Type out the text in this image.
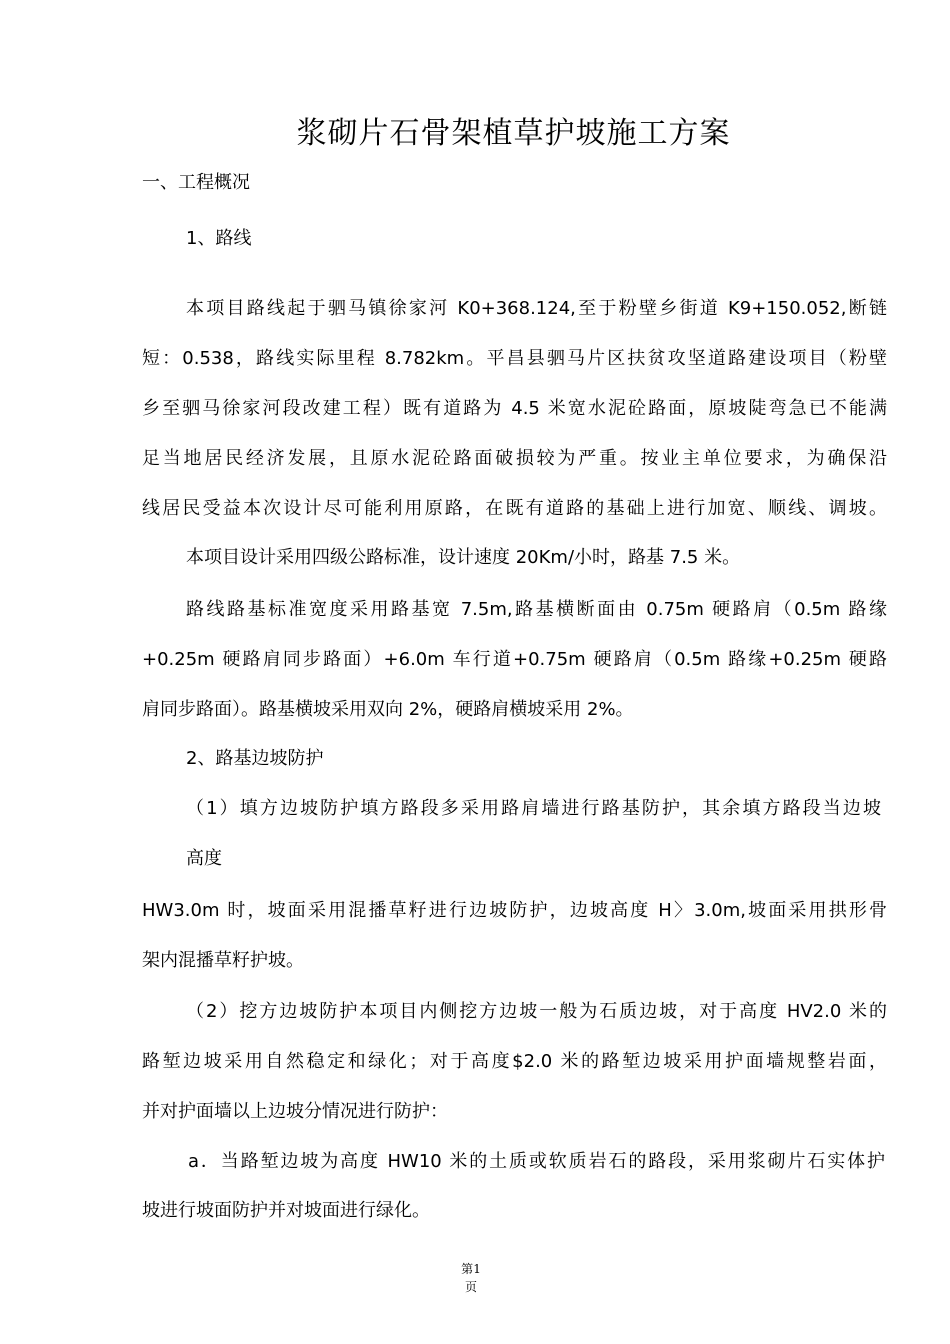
浆砌片石骨架植草护坡施工方案
一、工程概况
1、路线
本项目路线起于驷马镇徐家河 K0+368.124,至于粉壁乡街道 K9+150.052,断链
短：0.538，路线实际里程 8.782km。平昌县驷马片区扶贫攻坚道路建设项目（粉壁
乡至驷马徐家河段改建工程）既有道路为 4.5 米宽水泥砼路面，原坡陡弯急已不能满
足当地居民经济发展，且原水泥砼路面破损较为严重。按业主单位要求，为确保沿
线居民受益本次设计尽可能利用原路，在既有道路的基础上进行加宽、顺线、调坡。
本项目设计采用四级公路标准，设计速度 20Km/小时，路基 7.5 米。
路线路基标准宽度采用路基宽 7.5m,路基横断面由 0.75m 硬路肩（0.5m 路缘
+0.25m 硬路肩同步路面）+6.0m 车行道+0.75m 硬路肩（0.5m 路缘+0.25m 硬路
肩同步路面）。路基横坡采用双向 2%，硬路肩横坡采用 2%。
2、路基边坡防护
（1）填方边坡防护填方路段多采用路肩墙进行路基防护，其余填方路段当边坡
高度
HW3.0m 时，坡面采用混播草籽进行边坡防护，边坡高度 H〉3.0m,坡面采用拱形骨
架内混播草籽护坡。
（2）挖方边坡防护本项目内侧挖方边坡一般为石质边坡，对于高度 HV2.0 米的
路堑边坡采用自然稳定和绿化；对于高度$2.0 米的路堑边坡采用护面墙规整岩面，
并对护面墙以上边坡分情况进行防护：
a．当路堑边坡为高度 HW10 米的土质或软质岩石的路段，采用浆砌片石实体护
坡进行坡面防护并对坡面进行绿化。
第1
页
